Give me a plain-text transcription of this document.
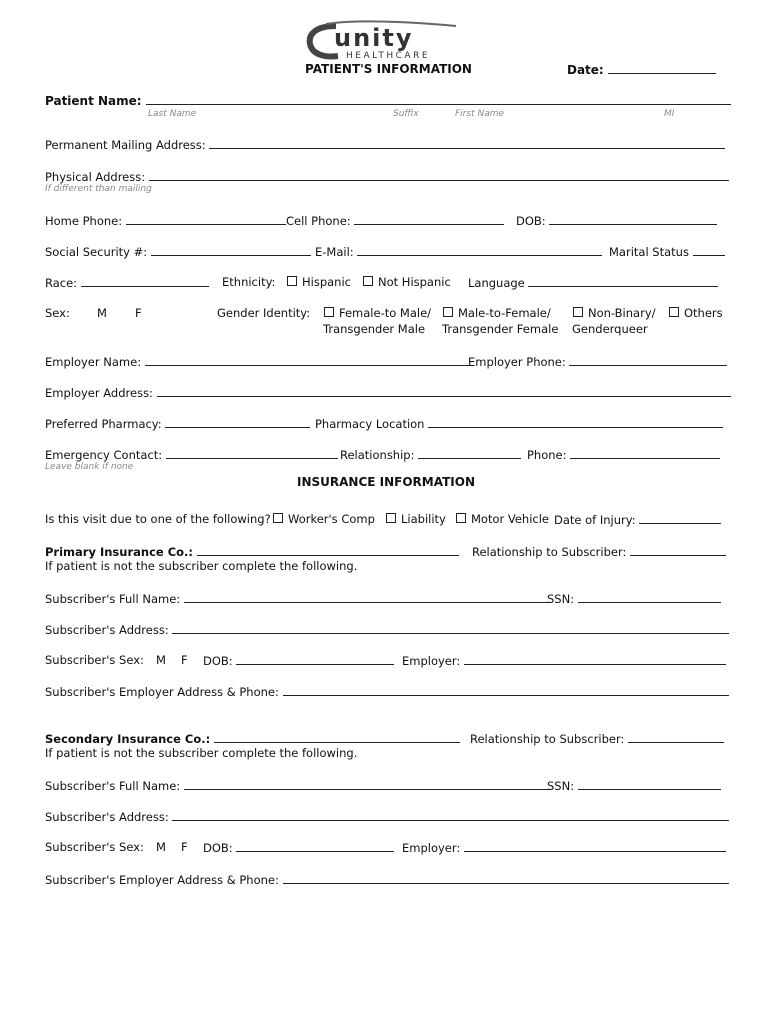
unity
HEALTHCARE
PATIENT'S INFORMATION	Date:
Patient Name:
Last Name	Suffix	First Name	MI
Permanent Mailing Address:
Physical Address:
If different than mailing
Home Phone:	Cell Phone:	DOB:
Social Security #:	E-Mail:	Marital Status
Race:	Ethnicity:	Hispanic	Not Hispanic Language
Sex: M F	Gender Identity:	Female-to Male/
Transgender Male
Male-to-Female/
Transgender Female
Non-Binary/
Genderqueer
Others
Employer Name:	Employer Phone:
Employer Address:
Preferred Pharmacy:	Pharmacy Location
Emergency Contact:	Relationship:	Phone:
Leave blank if none
INSURANCE INFORMATION
Is this visit due to one of the following?	Worker's Comp	Liability	Motor Vehicle Date of Injury:
Primary Insurance Co.:	Relationship to Subscriber:
If patient is not the subscriber complete the following.
Subscriber's Full Name:	SSN:
Subscriber's Address:
Subscriber's Sex: M F DOB:	Employer:
Subscriber's Employer Address & Phone:
Secondary Insurance Co.:	Relationship to Subscriber:
If patient is not the subscriber complete the following.
Subscriber's Full Name:	SSN:
Subscriber's Address:
Subscriber's Sex: M F DOB:	Employer:
Subscriber's Employer Address & Phone:
